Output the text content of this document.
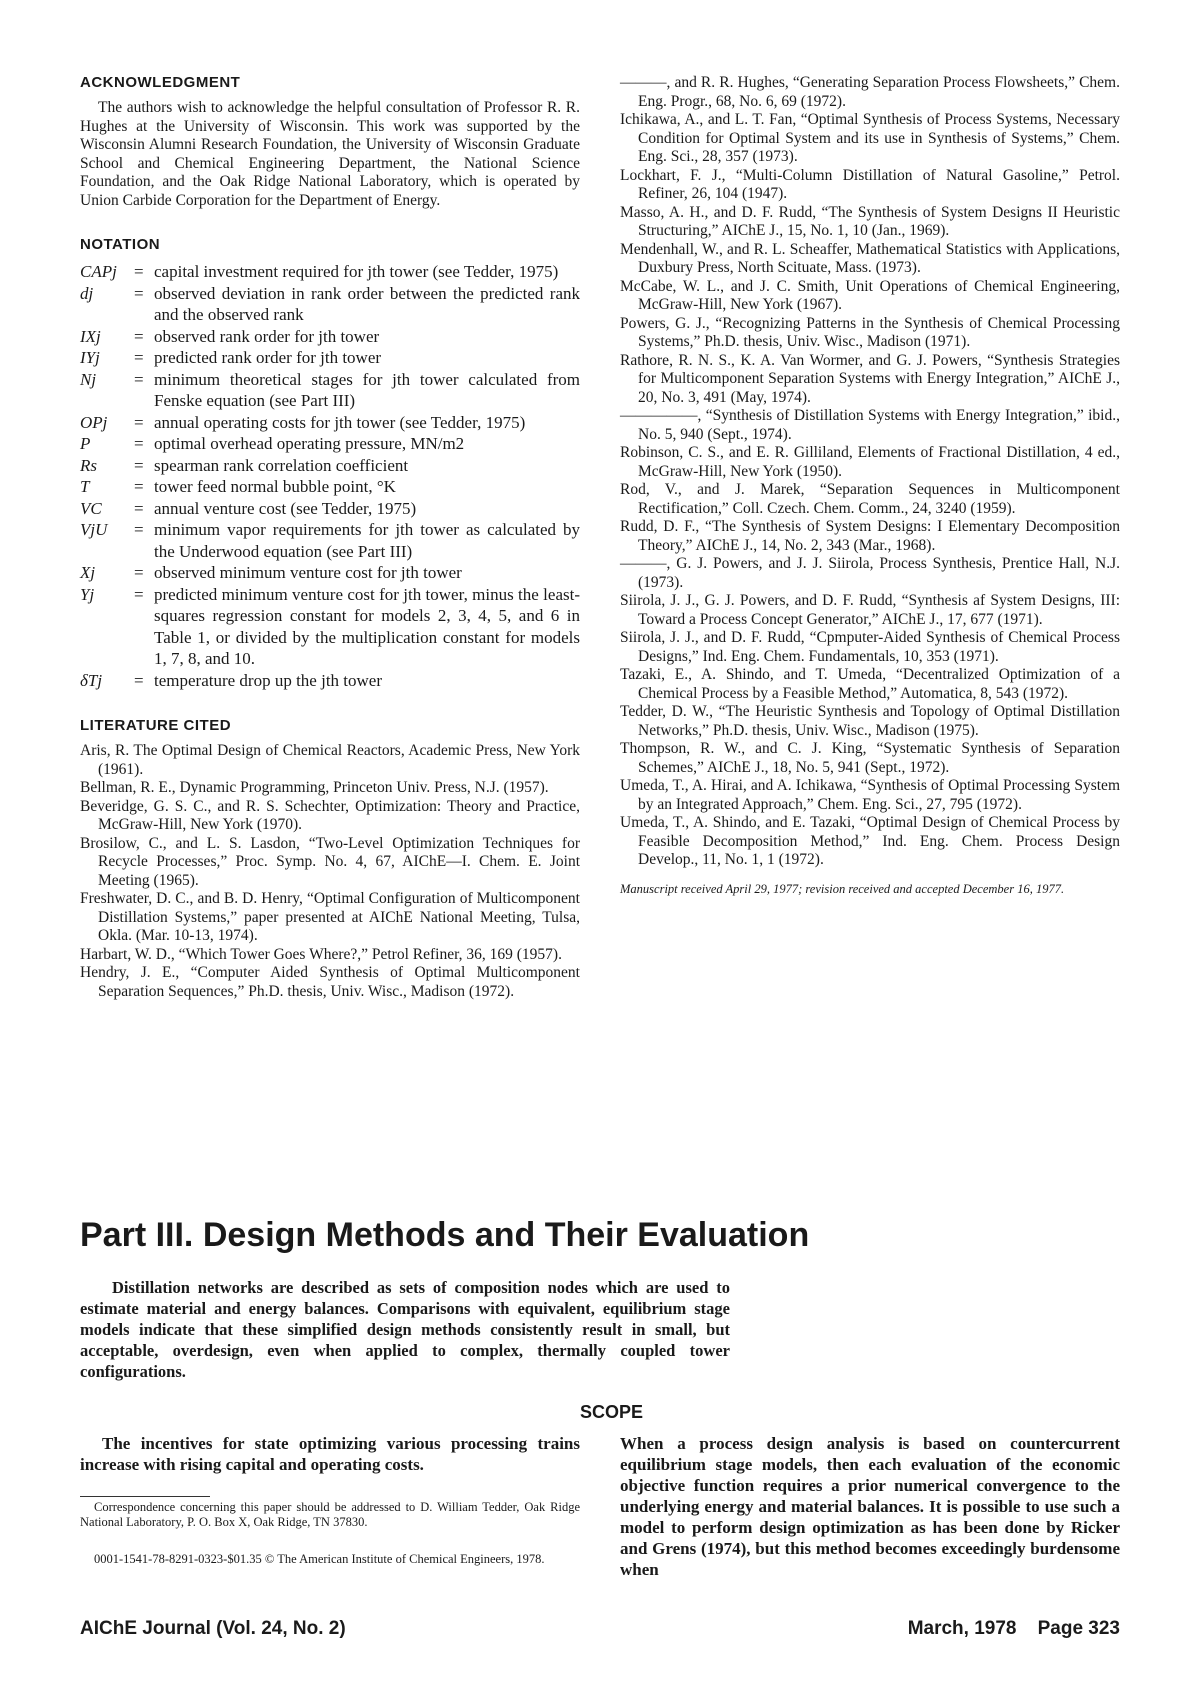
ACKNOWLEDGMENT

The authors wish to acknowledge the helpful consultation of Professor R. R. Hughes at the University of Wisconsin. This work was supported by the Wisconsin Alumni Research Foundation, the University of Wisconsin Graduate School and Chemical Engineering Department, the National Science Foundation, and the Oak Ridge National Laboratory, which is operated by Union Carbide Corporation for the Department of Energy.

NOTATION
CAPj	= capital investment required for jth tower (see Tedder, 1975)
dj	= observed deviation in rank order between the predicted rank and the observed rank
IXj	= observed rank order for jth tower
IYj	= predicted rank order for jth tower
Nj	= minimum theoretical stages for jth tower calculated from Fenske equation (see Part III)
OPj	= annual operating costs for jth tower (see Tedder, 1975)
P	= optimal overhead operating pressure, MN/m2
Rs	= spearman rank correlation coefficient
T	= tower feed normal bubble point, °K
VC	= annual venture cost (see Tedder, 1975)
VjU	= minimum vapor requirements for jth tower as calculated by the Underwood equation (see Part III)
Xj	= observed minimum venture cost for jth tower
Yj	= predicted minimum venture cost for jth tower, minus the least-squares regression constant for models 2, 3, 4, 5, and 6 in Table 1, or divided by the multiplication constant for models 1, 7, 8, and 10.
δTj	= temperature drop up the jth tower
LITERATURE CITED

Aris, R. The Optimal Design of Chemical Reactors, Academic Press, New York (1961).

Bellman, R. E., Dynamic Programming, Princeton Univ. Press, N.J. (1957).

Beveridge, G. S. C., and R. S. Schechter, Optimization: Theory and Practice, McGraw-Hill, New York (1970).

Brosilow, C., and L. S. Lasdon, “Two-Level Optimization Techniques for Recycle Processes,” Proc. Symp. No. 4, 67, AIChE—I. Chem. E. Joint Meeting (1965).

Freshwater, D. C., and B. D. Henry, “Optimal Configuration of Multicomponent Distillation Systems,” paper presented at AIChE National Meeting, Tulsa, Okla. (Mar. 10-13, 1974).

Harbart, W. D., “Which Tower Goes Where?,” Petrol Refiner, 36, 169 (1957).

Hendry, J. E., “Computer Aided Synthesis of Optimal Multicomponent Separation Sequences,” Ph.D. thesis, Univ. Wisc., Madison (1972).

———, and R. R. Hughes, “Generating Separation Process Flowsheets,” Chem. Eng. Progr., 68, No. 6, 69 (1972).

Ichikawa, A., and L. T. Fan, “Optimal Synthesis of Process Systems, Necessary Condition for Optimal System and its use in Synthesis of Systems,” Chem. Eng. Sci., 28, 357 (1973).

Lockhart, F. J., “Multi-Column Distillation of Natural Gasoline,” Petrol. Refiner, 26, 104 (1947).

Masso, A. H., and D. F. Rudd, “The Synthesis of System Designs II Heuristic Structuring,” AIChE J., 15, No. 1, 10 (Jan., 1969).

Mendenhall, W., and R. L. Scheaffer, Mathematical Statistics with Applications, Duxbury Press, North Scituate, Mass. (1973).

McCabe, W. L., and J. C. Smith, Unit Operations of Chemical Engineering, McGraw-Hill, New York (1967).

Powers, G. J., “Recognizing Patterns in the Synthesis of Chemical Processing Systems,” Ph.D. thesis, Univ. Wisc., Madison (1971).

Rathore, R. N. S., K. A. Van Wormer, and G. J. Powers, “Synthesis Strategies for Multicomponent Separation Systems with Energy Integration,” AIChE J., 20, No. 3, 491 (May, 1974).

—————, “Synthesis of Distillation Systems with Energy Integration,” ibid., No. 5, 940 (Sept., 1974).

Robinson, C. S., and E. R. Gilliland, Elements of Fractional Distillation, 4 ed., McGraw-Hill, New York (1950).

Rod, V., and J. Marek, “Separation Sequences in Multicomponent Rectification,” Coll. Czech. Chem. Comm., 24, 3240 (1959).

Rudd, D. F., “The Synthesis of System Designs: I Elementary Decomposition Theory,” AIChE J., 14, No. 2, 343 (Mar., 1968).

———, G. J. Powers, and J. J. Siirola, Process Synthesis, Prentice Hall, N.J. (1973).

Siirola, J. J., G. J. Powers, and D. F. Rudd, “Synthesis af System Designs, III: Toward a Process Concept Generator,” AIChE J., 17, 677 (1971).

Siirola, J. J., and D. F. Rudd, “Cpmputer-Aided Synthesis of Chemical Process Designs,” Ind. Eng. Chem. Fundamentals, 10, 353 (1971).

Tazaki, E., A. Shindo, and T. Umeda, “Decentralized Optimization of a Chemical Process by a Feasible Method,” Automatica, 8, 543 (1972).

Tedder, D. W., “The Heuristic Synthesis and Topology of Optimal Distillation Networks,” Ph.D. thesis, Univ. Wisc., Madison (1975).

Thompson, R. W., and C. J. King, “Systematic Synthesis of Separation Schemes,” AIChE J., 18, No. 5, 941 (Sept., 1972).

Umeda, T., A. Hirai, and A. Ichikawa, “Synthesis of Optimal Processing System by an Integrated Approach,” Chem. Eng. Sci., 27, 795 (1972).

Umeda, T., A. Shindo, and E. Tazaki, “Optimal Design of Chemical Process by Feasible Decomposition Method,” Ind. Eng. Chem. Process Design Develop., 11, No. 1, 1 (1972).

Manuscript received April 29, 1977; revision received and accepted December 16, 1977.
Part III. Design Methods and Their Evaluation

Distillation networks are described as sets of composition nodes which are used to estimate material and energy balances. Comparisons with equivalent, equilibrium stage models indicate that these simplified design methods consistently result in small, but acceptable, overdesign, even when applied to complex, thermally coupled tower configurations.

SCOPE

The incentives for state optimizing various processing trains increase with rising capital and operating costs.

When a process design analysis is based on countercurrent equilibrium stage models, then each evaluation of the economic objective function requires a prior numerical convergence to the underlying energy and material balances. It is possible to use such a model to perform design optimization as has been done by Ricker and Grens (1974), but this method becomes exceedingly burdensome when

Correspondence concerning this paper should be addressed to D. William Tedder, Oak Ridge National Laboratory, P. O. Box X, Oak Ridge, TN 37830.

0001-1541-78-8291-0323-$01.35 © The American Institute of Chemical Engineers, 1978.

AIChE Journal (Vol. 24, No. 2)	March, 1978    Page 323
